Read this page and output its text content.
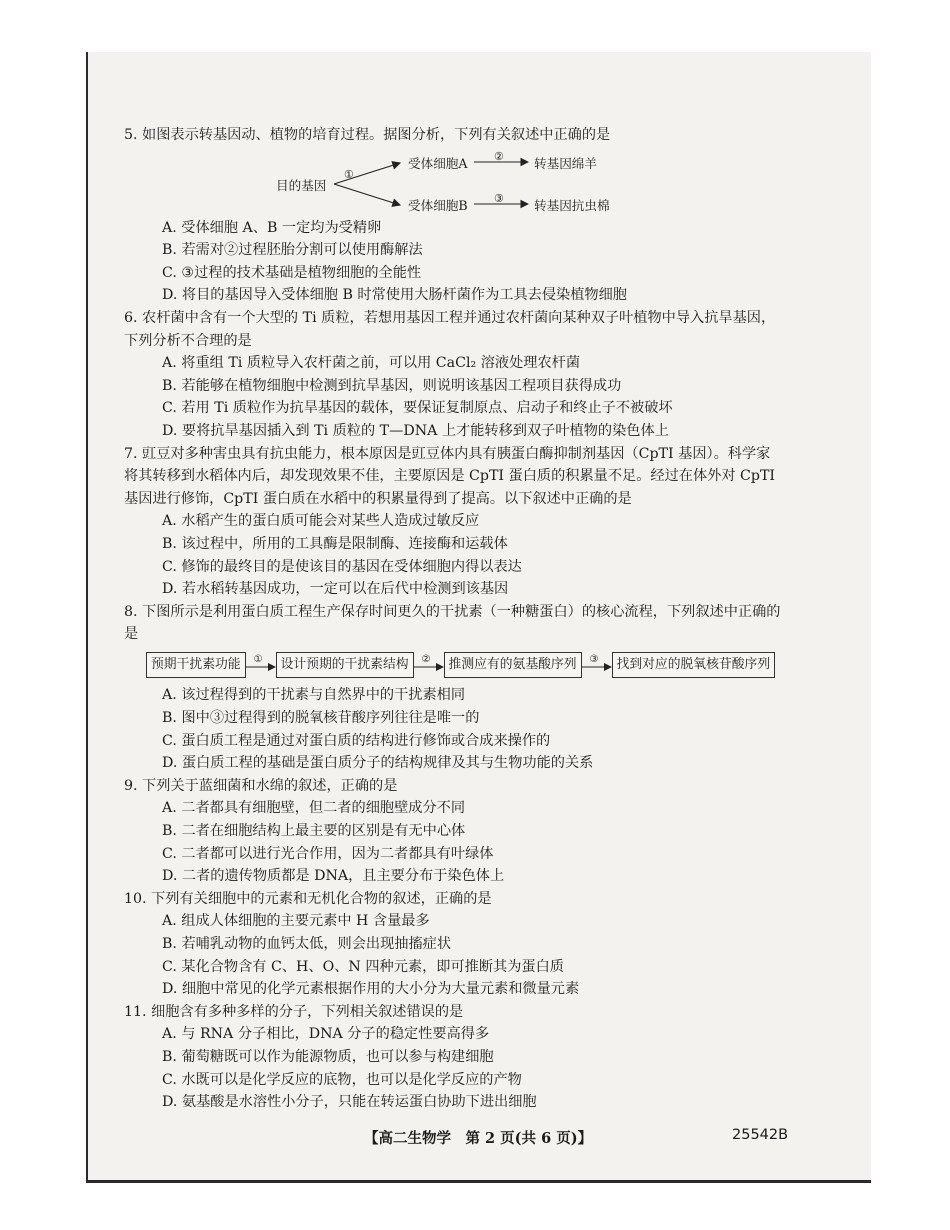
5. 如图表示转基因动、植物的培育过程。据图分析，下列有关叙述中正确的是

目的基因
①
受体细胞A ② 转基因绵羊
受体细胞B ③ 转基因抗虫棉

A. 受体细胞 A、B 一定均为受精卵

B. 若需对②过程胚胎分割可以使用酶解法

C. ③过程的技术基础是植物细胞的全能性

D. 将目的基因导入受体细胞 B 时常使用大肠杆菌作为工具去侵染植物细胞

6. 农杆菌中含有一个大型的 Ti 质粒，若想用基因工程并通过农杆菌向某种双子叶植物中导入抗旱基因，下列分析不合理的是

A. 将重组 Ti 质粒导入农杆菌之前，可以用 CaCl₂ 溶液处理农杆菌

B. 若能够在植物细胞中检测到抗旱基因，则说明该基因工程项目获得成功

C. 若用 Ti 质粒作为抗旱基因的载体，要保证复制原点、启动子和终止子不被破坏

D. 要将抗旱基因插入到 Ti 质粒的 T—DNA 上才能转移到双子叶植物的染色体上

7. 豇豆对多种害虫具有抗虫能力，根本原因是豇豆体内具有胰蛋白酶抑制剂基因（CpTI 基因）。科学家将其转移到水稻体内后，却发现效果不佳，主要原因是 CpTI 蛋白质的积累量不足。经过在体外对 CpTI 基因进行修饰，CpTI 蛋白质在水稻中的积累量得到了提高。以下叙述中正确的是

A. 水稻产生的蛋白质可能会对某些人造成过敏反应

B. 该过程中，所用的工具酶是限制酶、连接酶和运载体

C. 修饰的最终目的是使该目的基因在受体细胞内得以表达

D. 若水稻转基因成功，一定可以在后代中检测到该基因

8. 下图所示是利用蛋白质工程生产保存时间更久的干扰素（一种糖蛋白）的核心流程，下列叙述中正确的是

预期干扰素功能	①	设计预期的干扰素结构	②	推测应有的氨基酸序列	③	找到对应的脱氧核苷酸序列

A. 该过程得到的干扰素与自然界中的干扰素相同

B. 图中③过程得到的脱氧核苷酸序列往往是唯一的

C. 蛋白质工程是通过对蛋白质的结构进行修饰或合成来操作的

D. 蛋白质工程的基础是蛋白质分子的结构规律及其与生物功能的关系

9. 下列关于蓝细菌和水绵的叙述，正确的是

A. 二者都具有细胞壁，但二者的细胞壁成分不同

B. 二者在细胞结构上最主要的区别是有无中心体

C. 二者都可以进行光合作用，因为二者都具有叶绿体

D. 二者的遗传物质都是 DNA，且主要分布于染色体上

10. 下列有关细胞中的元素和无机化合物的叙述，正确的是

A. 组成人体细胞的主要元素中 H 含量最多

B. 若哺乳动物的血钙太低，则会出现抽搐症状

C. 某化合物含有 C、H、O、N 四种元素，即可推断其为蛋白质

D. 细胞中常见的化学元素根据作用的大小分为大量元素和微量元素

11. 细胞含有多种多样的分子，下列相关叙述错误的是

A. 与 RNA 分子相比，DNA 分子的稳定性要高得多

B. 葡萄糖既可以作为能源物质，也可以参与构建细胞

C. 水既可以是化学反应的底物，也可以是化学反应的产物

D. 氨基酸是水溶性小分子，只能在转运蛋白协助下进出细胞

【高二生物学　第 2 页(共 6 页)】	25542B
